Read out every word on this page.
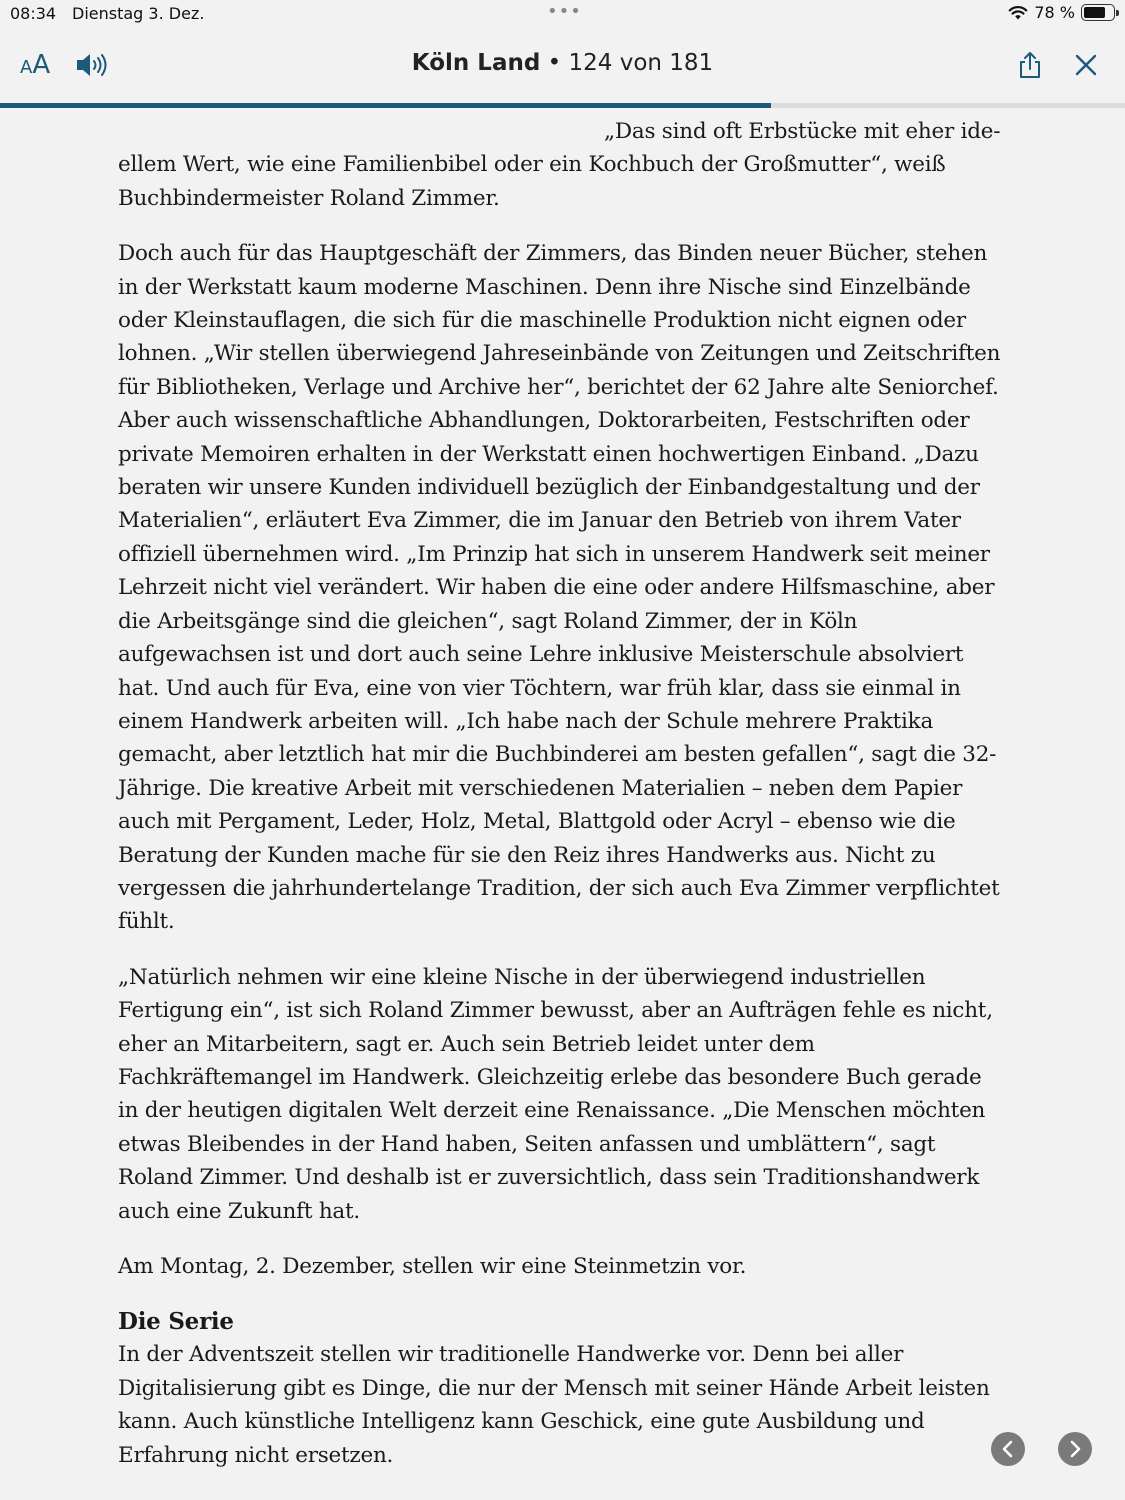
08:34 Dienstag 3. Dez.	•••	78 %
AA	Köln Land • 124 von 181

„Das sind oft Erbstücke mit eher ideellem Wert, wie eine Familienbibel oder ein Kochbuch der Großmutter“, weiß Buchbindermeister Roland Zimmer.

Doch auch für das Hauptgeschäft der Zimmers, das Binden neuer Bücher, stehen in der Werkstatt kaum moderne Maschinen. Denn ihre Nische sind Einzelbände oder Kleinstauflagen, die sich für die maschinelle Produktion nicht eignen oder lohnen. „Wir stellen überwiegend Jahreseinbände von Zeitungen und Zeitschriften für Bibliotheken, Verlage und Archive her“, berichtet der 62 Jahre alte Seniorchef. Aber auch wissenschaftliche Abhandlungen, Doktorarbeiten, Festschriften oder private Memoiren erhalten in der Werkstatt einen hochwertigen Einband. „Dazu beraten wir unsere Kunden individuell bezüglich der Einbandgestaltung und der Materialien“, erläutert Eva Zimmer, die im Januar den Betrieb von ihrem Vater offiziell übernehmen wird. „Im Prinzip hat sich in unserem Handwerk seit meiner Lehrzeit nicht viel verändert. Wir haben die eine oder andere Hilfsmaschine, aber die Arbeitsgänge sind die gleichen“, sagt Roland Zimmer, der in Köln aufgewachsen ist und dort auch seine Lehre inklusive Meisterschule absolviert hat. Und auch für Eva, eine von vier Töchtern, war früh klar, dass sie einmal in einem Handwerk arbeiten will. „Ich habe nach der Schule mehrere Praktika gemacht, aber letztlich hat mir die Buchbinderei am besten gefallen“, sagt die 32-Jährige. Die kreative Arbeit mit verschiedenen Materialien – neben dem Papier auch mit Pergament, Leder, Holz, Metal, Blattgold oder Acryl – ebenso wie die Beratung der Kunden mache für sie den Reiz ihres Handwerks aus. Nicht zu vergessen die jahrhundertelange Tradition, der sich auch Eva Zimmer verpflichtet fühlt.

„Natürlich nehmen wir eine kleine Nische in der überwiegend industriellen Fertigung ein“, ist sich Roland Zimmer bewusst, aber an Aufträgen fehle es nicht, eher an Mitarbeitern, sagt er. Auch sein Betrieb leidet unter dem Fachkräftemangel im Handwerk. Gleichzeitig erlebe das besondere Buch gerade in der heutigen digitalen Welt derzeit eine Renaissance. „Die Menschen möchten etwas Bleibendes in der Hand haben, Seiten anfassen und umblättern“, sagt Roland Zimmer. Und deshalb ist er zuversichtlich, dass sein Traditionshandwerk auch eine Zukunft hat.

Am Montag, 2. Dezember, stellen wir eine Steinmetzin vor.

Die Serie

In der Adventszeit stellen wir traditionelle Handwerke vor. Denn bei aller Digitalisierung gibt es Dinge, die nur der Mensch mit seiner Hände Arbeit leisten kann. Auch künstliche Intelligenz kann Geschick, eine gute Ausbildung und Erfahrung nicht ersetzen.
